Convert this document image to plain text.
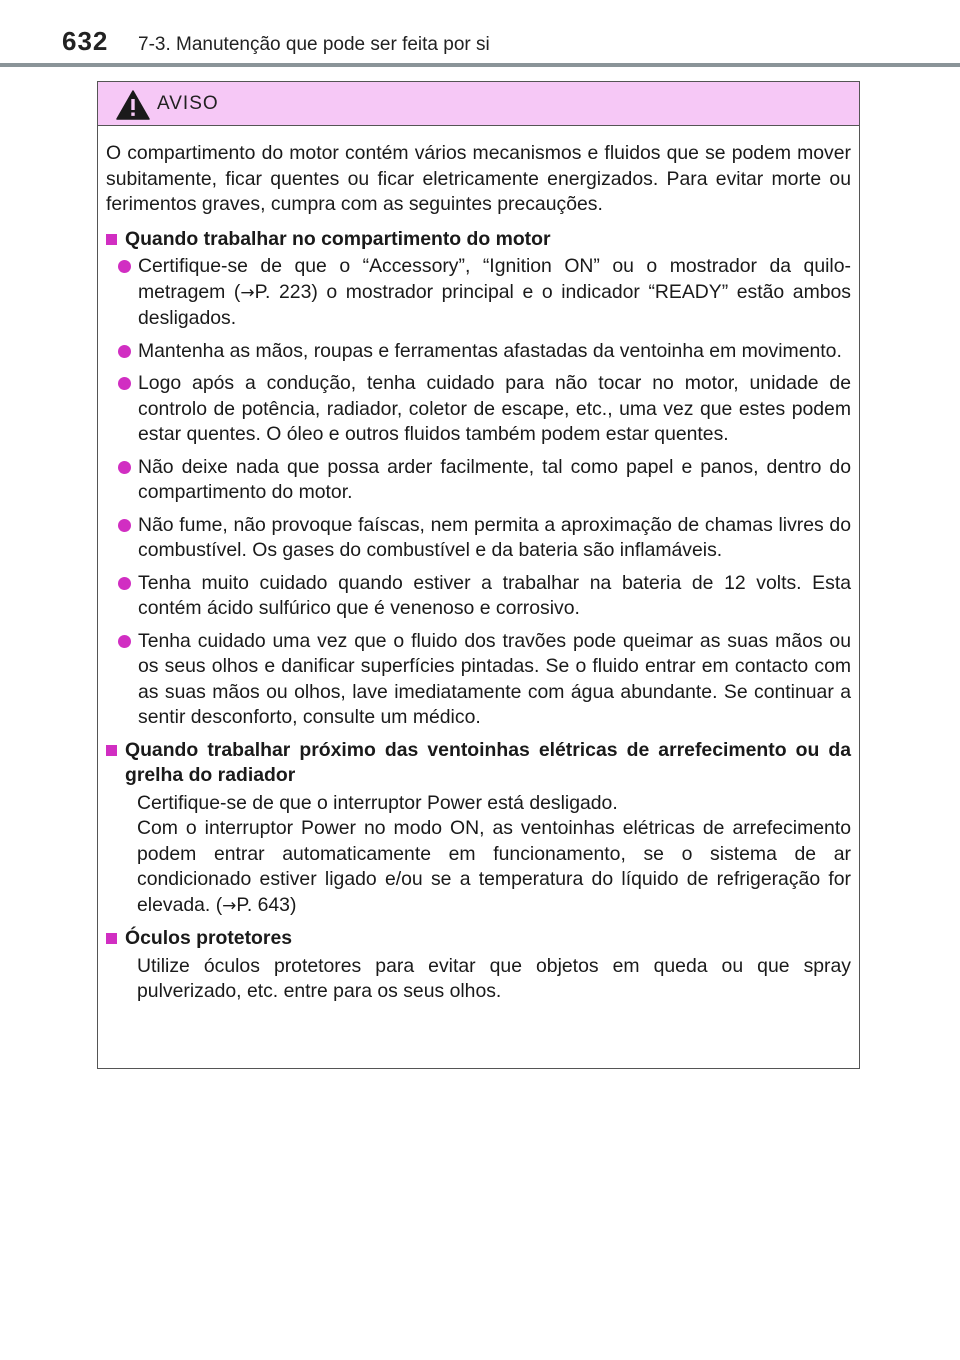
632 7-3. Manutenção que pode ser feita por si
AVISO

O compartimento do motor contém vários mecanismos e fluidos que se podem mover subitamente, ficar quentes ou ficar eletricamente energizados. Para evitar morte ou ferimentos graves, cumpra com as seguintes precauções.

Quando trabalhar no compartimento do motor
Certifique-se de que o “Accessory”, “Ignition ON” ou o mostrador da quilometragem (→P. 223) o mostrador principal e o indicador “READY” estão ambos desligados.
Mantenha as mãos, roupas e ferramentas afastadas da ventoinha em movimento.
Logo após a condução, tenha cuidado para não tocar no motor, unidade de controlo de potência, radiador, coletor de escape, etc., uma vez que estes podem estar quentes. O óleo e outros fluidos também podem estar quentes.
Não deixe nada que possa arder facilmente, tal como papel e panos, dentro do compartimento do motor.
Não fume, não provoque faíscas, nem permita a aproximação de chamas livres do combustível. Os gases do combustível e da bateria são inflamáveis.
Tenha muito cuidado quando estiver a trabalhar na bateria de 12 volts. Esta contém ácido sulfúrico que é venenoso e corrosivo.
Tenha cuidado uma vez que o fluido dos travões pode queimar as suas mãos ou os seus olhos e danificar superfícies pintadas. Se o fluido entrar em contacto com as suas mãos ou olhos, lave imediatamente com água abundante. Se continuar a sentir desconforto, consulte um médico.
Quando trabalhar próximo das ventoinhas elétricas de arrefecimento ou da grelha do radiador

Certifique-se de que o interruptor Power está desligado.

Com o interruptor Power no modo ON, as ventoinhas elétricas de arrefecimento podem entrar automaticamente em funcionamento, se o sistema de ar condicionado estiver ligado e/ou se a temperatura do líquido de refrigeração for elevada. (→P. 643)

Óculos protetores

Utilize óculos protetores para evitar que objetos em queda ou que spray pulverizado, etc. entre para os seus olhos.
